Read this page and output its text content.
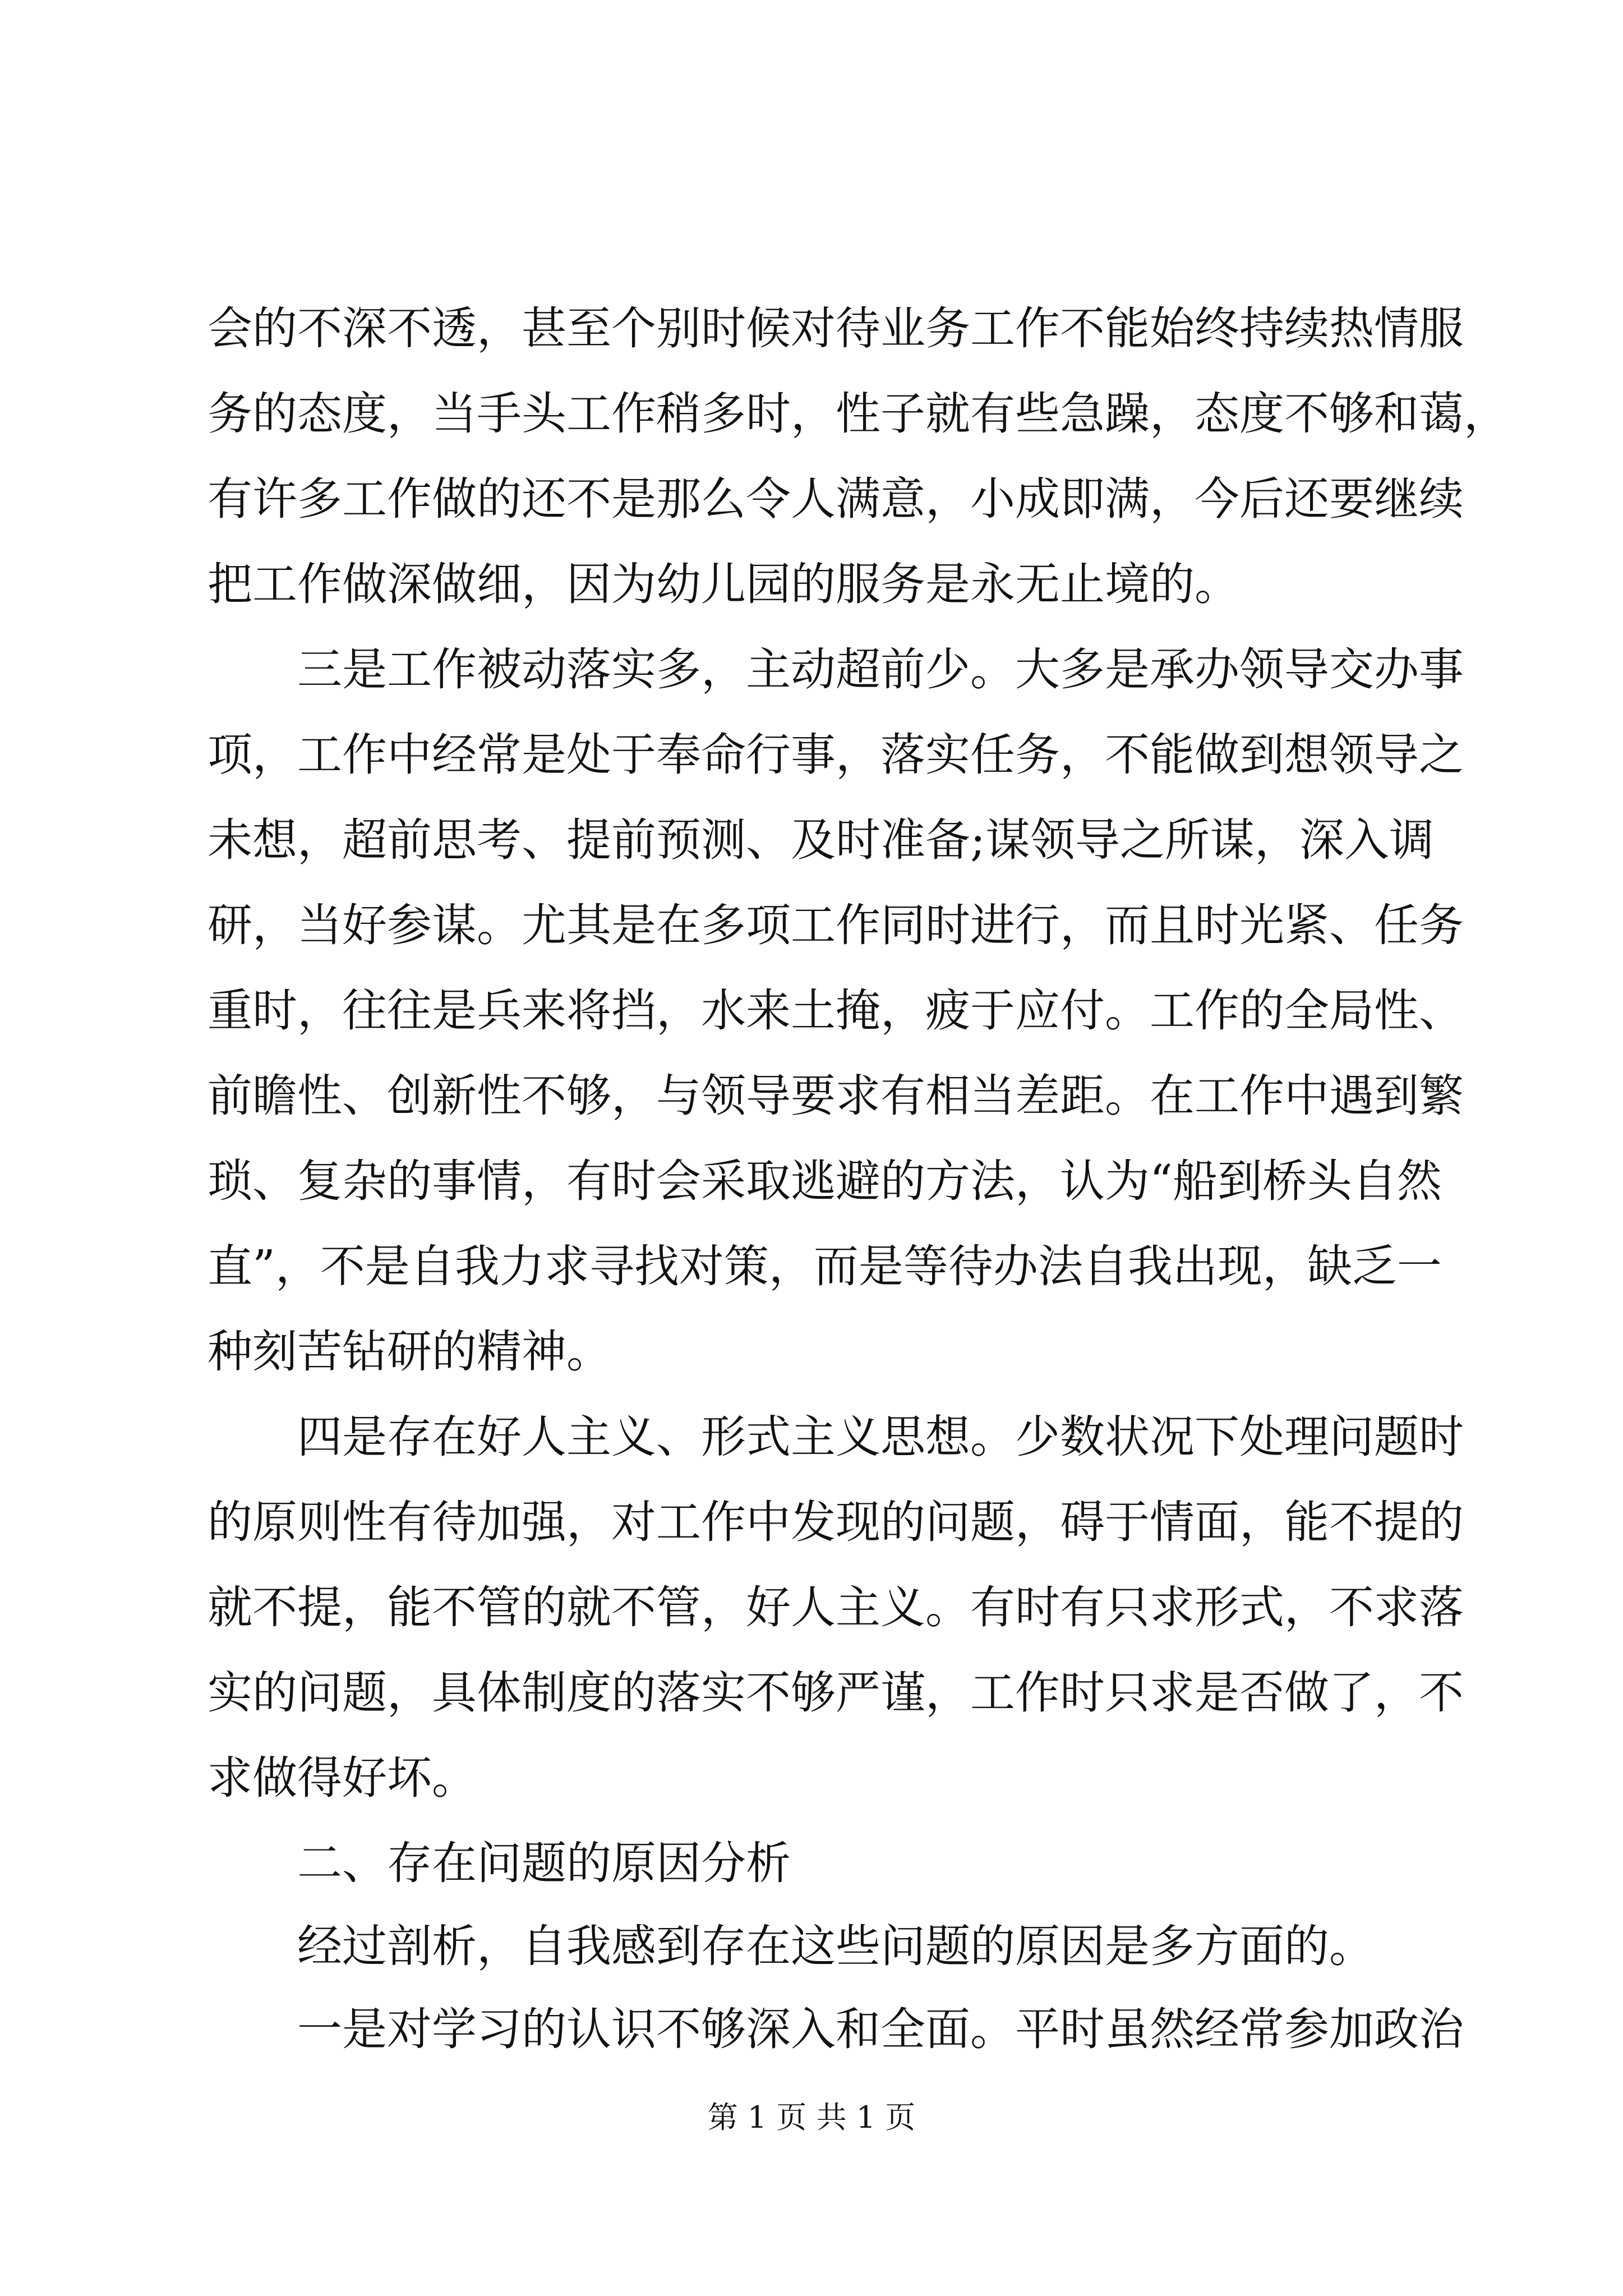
会的不深不透，甚至个别时候对待业务工作不能始终持续热情服
务的态度，当手头工作稍多时，性子就有些急躁，态度不够和蔼，
有许多工作做的还不是那么令人满意，小成即满，今后还要继续
把工作做深做细，因为幼儿园的服务是永无止境的。
三是工作被动落实多，主动超前少。大多是承办领导交办事
项，工作中经常是处于奉命行事，落实任务，不能做到想领导之
未想，超前思考、提前预测、及时准备;谋领导之所谋，深入调
研，当好参谋。尤其是在多项工作同时进行，而且时光紧、任务
重时，往往是兵来将挡，水来土掩，疲于应付。工作的全局性、
前瞻性、创新性不够，与领导要求有相当差距。在工作中遇到繁
琐、复杂的事情，有时会采取逃避的方法，认为“船到桥头自然
直”，不是自我力求寻找对策，而是等待办法自我出现，缺乏一
种刻苦钻研的精神。
四是存在好人主义、形式主义思想。少数状况下处理问题时
的原则性有待加强，对工作中发现的问题，碍于情面，能不提的
就不提，能不管的就不管，好人主义。有时有只求形式，不求落
实的问题，具体制度的落实不够严谨，工作时只求是否做了，不
求做得好坏。
二、存在问题的原因分析
经过剖析，自我感到存在这些问题的原因是多方面的。
一是对学习的认识不够深入和全面。平时虽然经常参加政治
第 1 页 共 1 页
